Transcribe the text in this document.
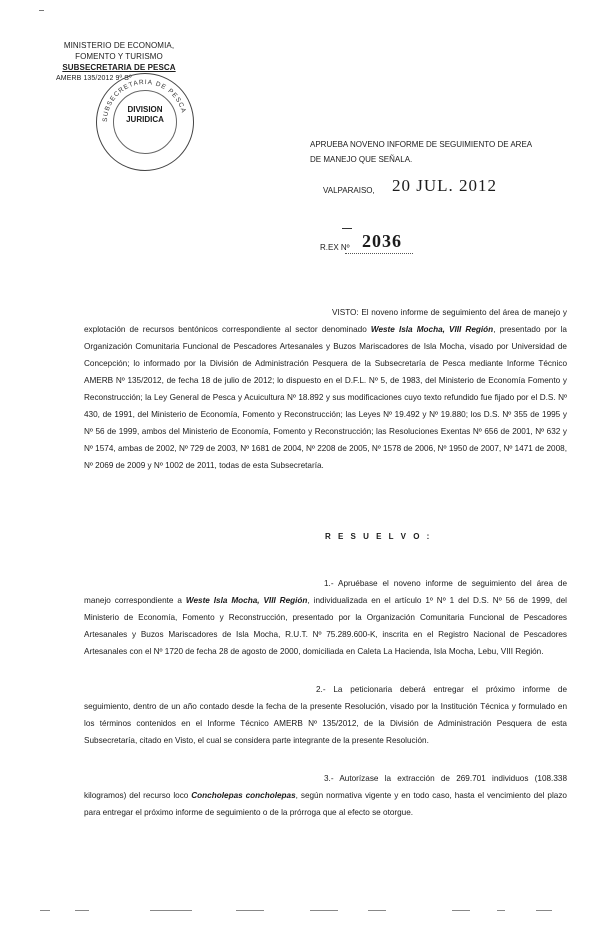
MINISTERIO DE ECONOMIA,
FOMENTO Y TURISMO
SUBSECRETARIA DE PESCA
AMERB 135/2012 9º Sº
SUBSECRETARIA DE PESCA
DIVISION
JURIDICA
APRUEBA NOVENO INFORME DE SEGUIMIENTO DE AREA
DE MANEJO QUE SEÑALA.
VALPARAISO, 20 JUL. 2012
R.EX Nº 2036

VISTO: El noveno informe de seguimiento del área de manejo y explotación de recursos bentónicos correspondiente al sector denominado Weste Isla Mocha, VIII Región, presentado por la Organización Comunitaria Funcional de Pescadores Artesanales y Buzos Mariscadores de Isla Mocha, visado por Universidad de Concepción; lo informado por la División de Administración Pesquera de la Subsecretaría de Pesca mediante Informe Técnico AMERB Nº 135/2012, de fecha 18 de julio de 2012; lo dispuesto en el D.F.L. Nº 5, de 1983, del Ministerio de Economía Fomento y Reconstrucción; la Ley General de Pesca y Acuicultura Nº 18.892 y sus modificaciones cuyo texto refundido fue fijado por el D.S. Nº 430, de 1991, del Ministerio de Economía, Fomento y Reconstrucción; las Leyes Nº 19.492 y Nº 19.880; los D.S. Nº 355 de 1995 y Nº 56 de 1999, ambos del Ministerio de Economía, Fomento y Reconstrucción; las Resoluciones Exentas Nº 656 de 2001, Nº 632 y Nº 1574, ambas de 2002, Nº 729 de 2003, Nº 1681 de 2004, Nº 2208 de 2005, Nº 1578 de 2006, Nº 1950 de 2007, Nº 1471 de 2008, Nº 2069 de 2009 y Nº 1002 de 2011, todas de esta Subsecretaría.

R E S U E L V O :

1.- Apruébase el noveno informe de seguimiento del área de manejo correspondiente a Weste Isla Mocha, VIII Región, individualizada en el artículo 1º Nº 1 del D.S. Nº 56 de 1999, del Ministerio de Economía, Fomento y Reconstrucción, presentado por la Organización Comunitaria Funcional de Pescadores Artesanales y Buzos Mariscadores de Isla Mocha, R.U.T. Nº 75.289.600-K, inscrita en el Registro Nacional de Pescadores Artesanales con el Nº 1720 de fecha 28 de agosto de 2000, domiciliada en Caleta La Hacienda, Isla Mocha, Lebu, VIII Región.

2.- La peticionaria deberá entregar el próximo informe de seguimiento, dentro de un año contado desde la fecha de la presente Resolución, visado por la Institución Técnica y formulado en los términos contenidos en el Informe Técnico AMERB Nº 135/2012, de la División de Administración Pesquera de esta Subsecretaría, citado en Visto, el cual se considera parte integrante de la presente Resolución.

3.- Autorízase la extracción de 269.701 individuos (108.338 kilogramos) del recurso loco Concholepas concholepas, según normativa vigente y en todo caso, hasta el vencimiento del plazo para entregar el próximo informe de seguimiento o de la prórroga que al efecto se otorgue.
